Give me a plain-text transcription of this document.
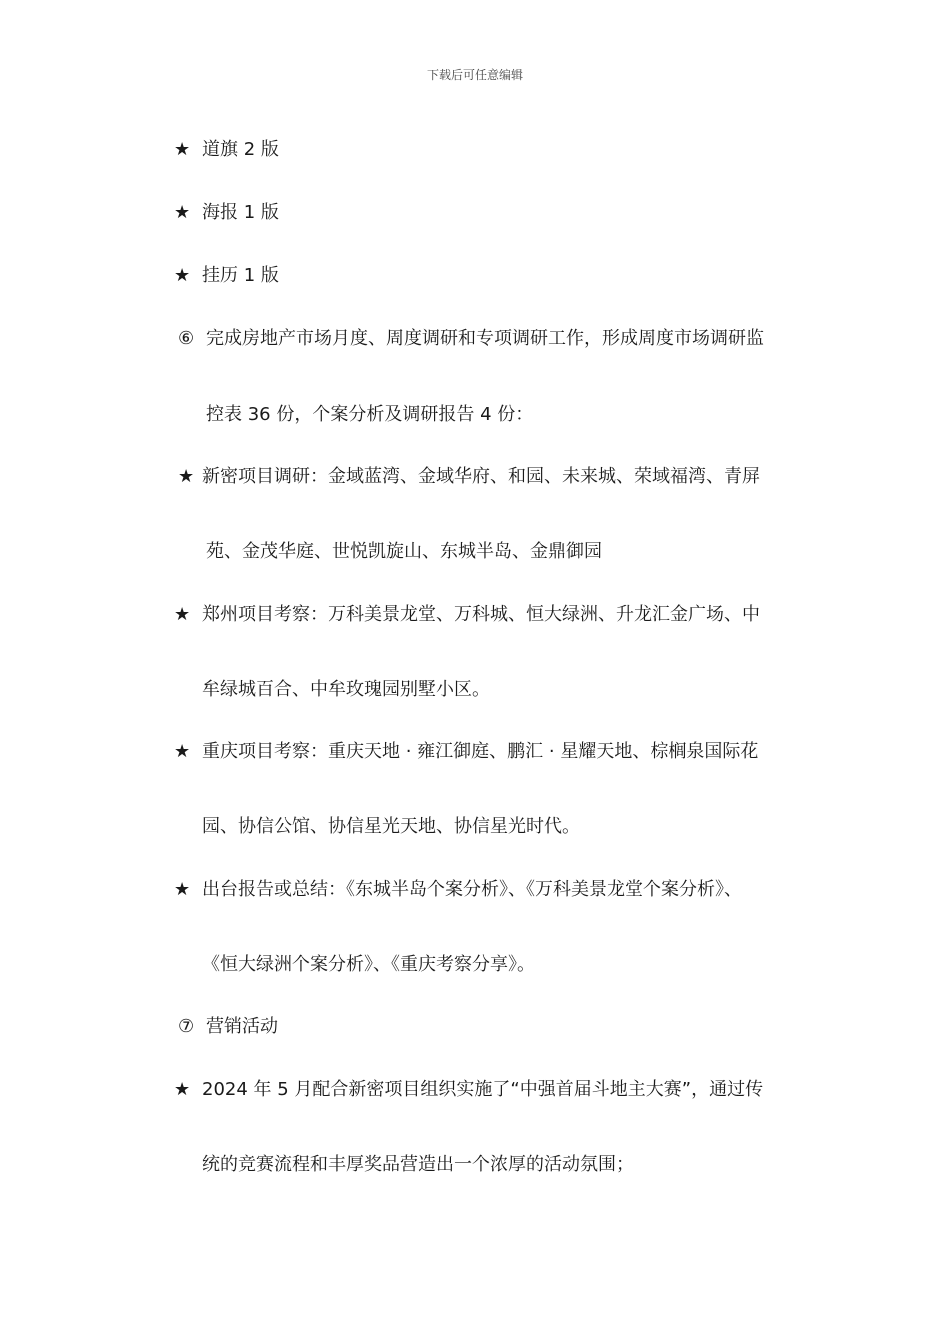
下载后可任意编辑
★ 道旗 2 版
★ 海报 1 版
★ 挂历 1 版
⑥ 完成房地产市场月度、周度调研和专项调研工作，形成周度市场调研监
控表 36 份，个案分析及调研报告 4 份：
★ 新密项目调研：金域蓝湾、金域华府、和园、未来城、荣域福湾、青屏
苑、金茂华庭、世悦凯旋山、东城半岛、金鼎御园
★ 郑州项目考察：万科美景龙堂、万科城、恒大绿洲、升龙汇金广场、中
牟绿城百合、中牟玫瑰园别墅小区。
★ 重庆项目考察：重庆天地 · 雍江御庭、鹏汇 · 星耀天地、棕榈泉国际花
园、协信公馆、协信星光天地、协信星光时代。
★ 出台报告或总结：《东城半岛个案分析》、《万科美景龙堂个案分析》、
《恒大绿洲个案分析》、《重庆考察分享》。
⑦ 营销活动
★ 2024 年 5 月配合新密项目组织实施了“中强首届斗地主大赛”，通过传
统的竞赛流程和丰厚奖品营造出一个浓厚的活动氛围；
